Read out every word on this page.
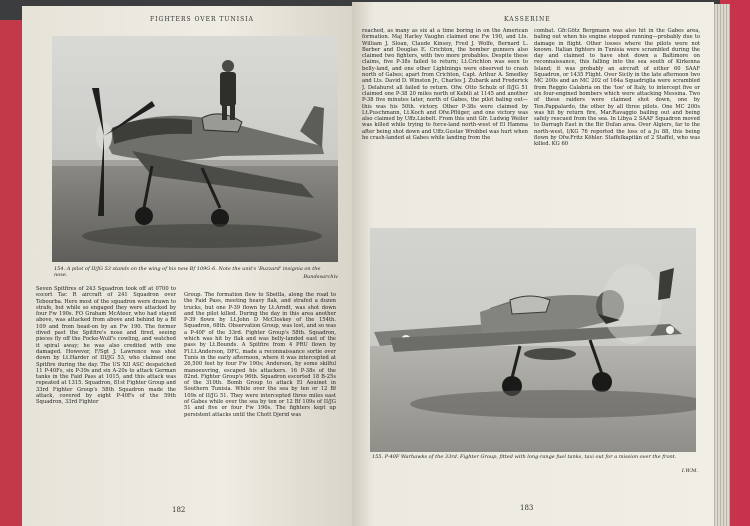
FIGHTERS OVER TUNISIA
154. A pilot of II/JG 53 stands on the wing of his new Bf 109G-6. Note the unit's 'Buzzard' insignia on the nose.	Bundesarchiv

Seven Spitfires of 243 Squadron took off at 0700 to escort Tac R aircraft of 241 Squadron over Tebourba. Here most of the squadron were drawn to strafe, but while so engaged they were attacked by four Fw 190s. FO Graham McAteer, who had stayed above, was attacked from above and behind by a Bf 109 and from head-on by an Fw 190. The former dived past the Spitfire's nose and fired, seeing pieces fly off the Focke-Wulf's cowling, and watched it spiral away; he was also credited with one damaged. However, F/Sgt J. Lawrence was shot down by Lt.Harder of III/JG 53, who claimed one Spitfire during the day. The US XII ASC despatched 11 P-40Fs, six P-39s and six A-20s to attack German tanks in the Faid Pass at 1015, and this attack was repeated at 1315. Squadron, 81st Fighter Group and 33rd Fighter Group's 58th Squadron made the attack, covered by eight P-40Fs of the 59th Squadron, 33rd Fighter

Group. The formation flew to Sbeitla, along the road to the Faid Pass, meeting heavy flak, and strafed a dozen trucks, but one P-39 flown by Lt.Arndt, was shot down and the pilot killed. During the day in this area another P-39 flown by Lt.John D McCloskey of the 154th. Squadron, 68th. Observation Group, was lost, and so was a P-40F of the 33rd. Fighter Group's 58th. Squadron, which was hit by flak and was belly-landed east of the pass by Lt.Bounds. A Spitfire from 4 PRU flown by Fl.Lt.Anderson, DFC, made a reconnaissance sortie over Tunis in the early afternoon, where it was intercepted at 26,500 feet by four Fw 190s; Anderson, by some skilful manoeuvring, escaped his attackers. 16 P-38s of the 82nd. Fighter Group's 96th. Squadron escorted 18 B-25s of the 310th. Bomb Group to attack El Aouinet in Southern Tunisia. While over the sea by ten or 12 Bf 109s of II/JG 51. They were intercepted three miles east of Gabes while over the sea by ten or 12 Bf 109s of II/JG 51 and five or four Fw 190s. The fighters kept up persistent attacks until the Chott Djerid was

182
KASSERINE

reached, as many as six at a time boring in on the American formation. Maj Harley Vaughn claimed one Fw 190, and Lts. William J. Sloan, Claude Kinsey, Fred J. Wolfe, Bernard L. Barber and Douglas E. Crichton, the bomber gunners also claimed two fighters, with two more probables. Despite these claims, five P-38s failed to return; Lt.Crichton was seen to belly-land, and one other Lightnings were observed to crash north of Gabes; apart from Crichton, Capt. Arthur A. Smedley and Lts. David D. Winston Jr., Charles J. Zubarik and Frederick J. Delahurst all failed to return. Ofw. Otto Schulz of II/JG 51 claimed one P-38 20 miles north of Kebili at 1145 and another P-38 five minutes later, north of Gabes, the pilot baling out—this was his 50th. victory. Other P-38s were claimed by Lt.Puschmann, Lt.Koch and Ofw.Pflüger, and one victory was also claimed by Uffz.Liebelt. From this unit Gfr. Ludwig Weiler was killed while trying to force-land north-west of El Hamma after being shot down and Uffz.Gustav Wrobbel was hurt when he crash-landed at Gabes while landing from the

combat. Gfr.Götz Bergmann was also hit in the Gabes area, baling out when his engine stopped running—probably due to damage in flight. Other losses where the pilots were not known. Italian fighters in Tunisia were scrambled during the day and claimed to have shot down a Baltimore on reconnaissance, this falling into the sea south of Kirkenna Island; it was probably an aircraft of either 60 SAAF Squadron, or 1435 Flight. Over Sicily in the late afternoon two MC 200s and an MC 202 of 164a Squadriglia were scrambled from Reggio Calabria on the 'toe' of Italy, to intercept five or six four-engined bombers which were attacking Messina. Two of these raiders were claimed shot down, one by Ten.Pappalardo, the other by all three pilots. One MC 200s was hit by return fire, Mar.Ravaggio bailing out and being safely rescued from the sea. In Libya 2 SAAF Squadron moved to Darragh East in the Bir Dufan area. Over Algiers, far to the north-west, I/KG 76 reported the loss of a Ju 88, this being flown by Ofw.Fritz Köhler. Staffelkapitän of 2 Staffel, who was killed. KG 60

155. P-40F Warhawks of the 33rd. Fighter Group, fitted with long-range fuel tanks, taxi out for a mission over the front.
I.W.M.
183
